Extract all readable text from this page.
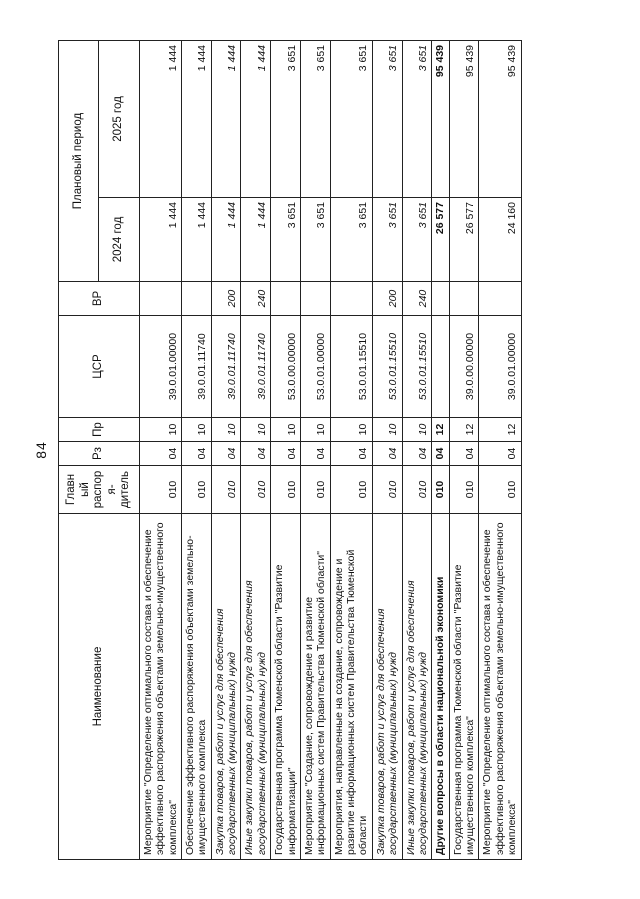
84
Наименование	Главный распоря- дитель	Рз	Пр	ЦСР	ВР	Плановый период	
						2024 год	2025 год
Мероприятие "Определение оптимального состава и обеспечение эффективного распоряжения объектами земельно-имущественного комплекса"	010	04	10	39.0.01.00000		1 444	1 444
Обеспечение эффективного распоряжения объектами земельно-имущественного комплекса	010	04	10	39.0.01.11740		1 444	1 444
Закупка товаров, работ и услуг для обеспечения государственных (муниципальных) нужд	010	04	10	39.0.01.11740	200	1 444	1 444
Иные закупки товаров, работ и услуг для обеспечения государственных (муниципальных) нужд	010	04	10	39.0.01.11740	240	1 444	1 444
Государственная программа Тюменской области "Развитие информатизации"	010	04	10	53.0.00.00000		3 651	3 651
Мероприятие "Создание, сопровождение и развитие информационных систем Правительства Тюменской области"	010	04	10	53.0.01.00000		3 651	3 651
Мероприятия, направленные на создание, сопровождение и развитие информационных систем Правительства Тюменской области	010	04	10	53.0.01.15510		3 651	3 651
Закупка товаров, работ и услуг для обеспечения государственных (муниципальных) нужд	010	04	10	53.0.01.15510	200	3 651	3 651
Иные закупки товаров, работ и услуг для обеспечения государственных (муниципальных) нужд	010	04	10	53.0.01.15510	240	3 651	3 651
Другие вопросы в области национальной экономики	010	04	12			26 577	95 439
Государственная программа Тюменской области "Развитие имущественного комплекса"	010	04	12	39.0.00.00000		26 577	95 439
Мероприятие "Определение оптимального состава и обеспечение эффективного распоряжения объектами земельно-имущественного комплекса"	010	04	12	39.0.01.00000		24 160	95 439
